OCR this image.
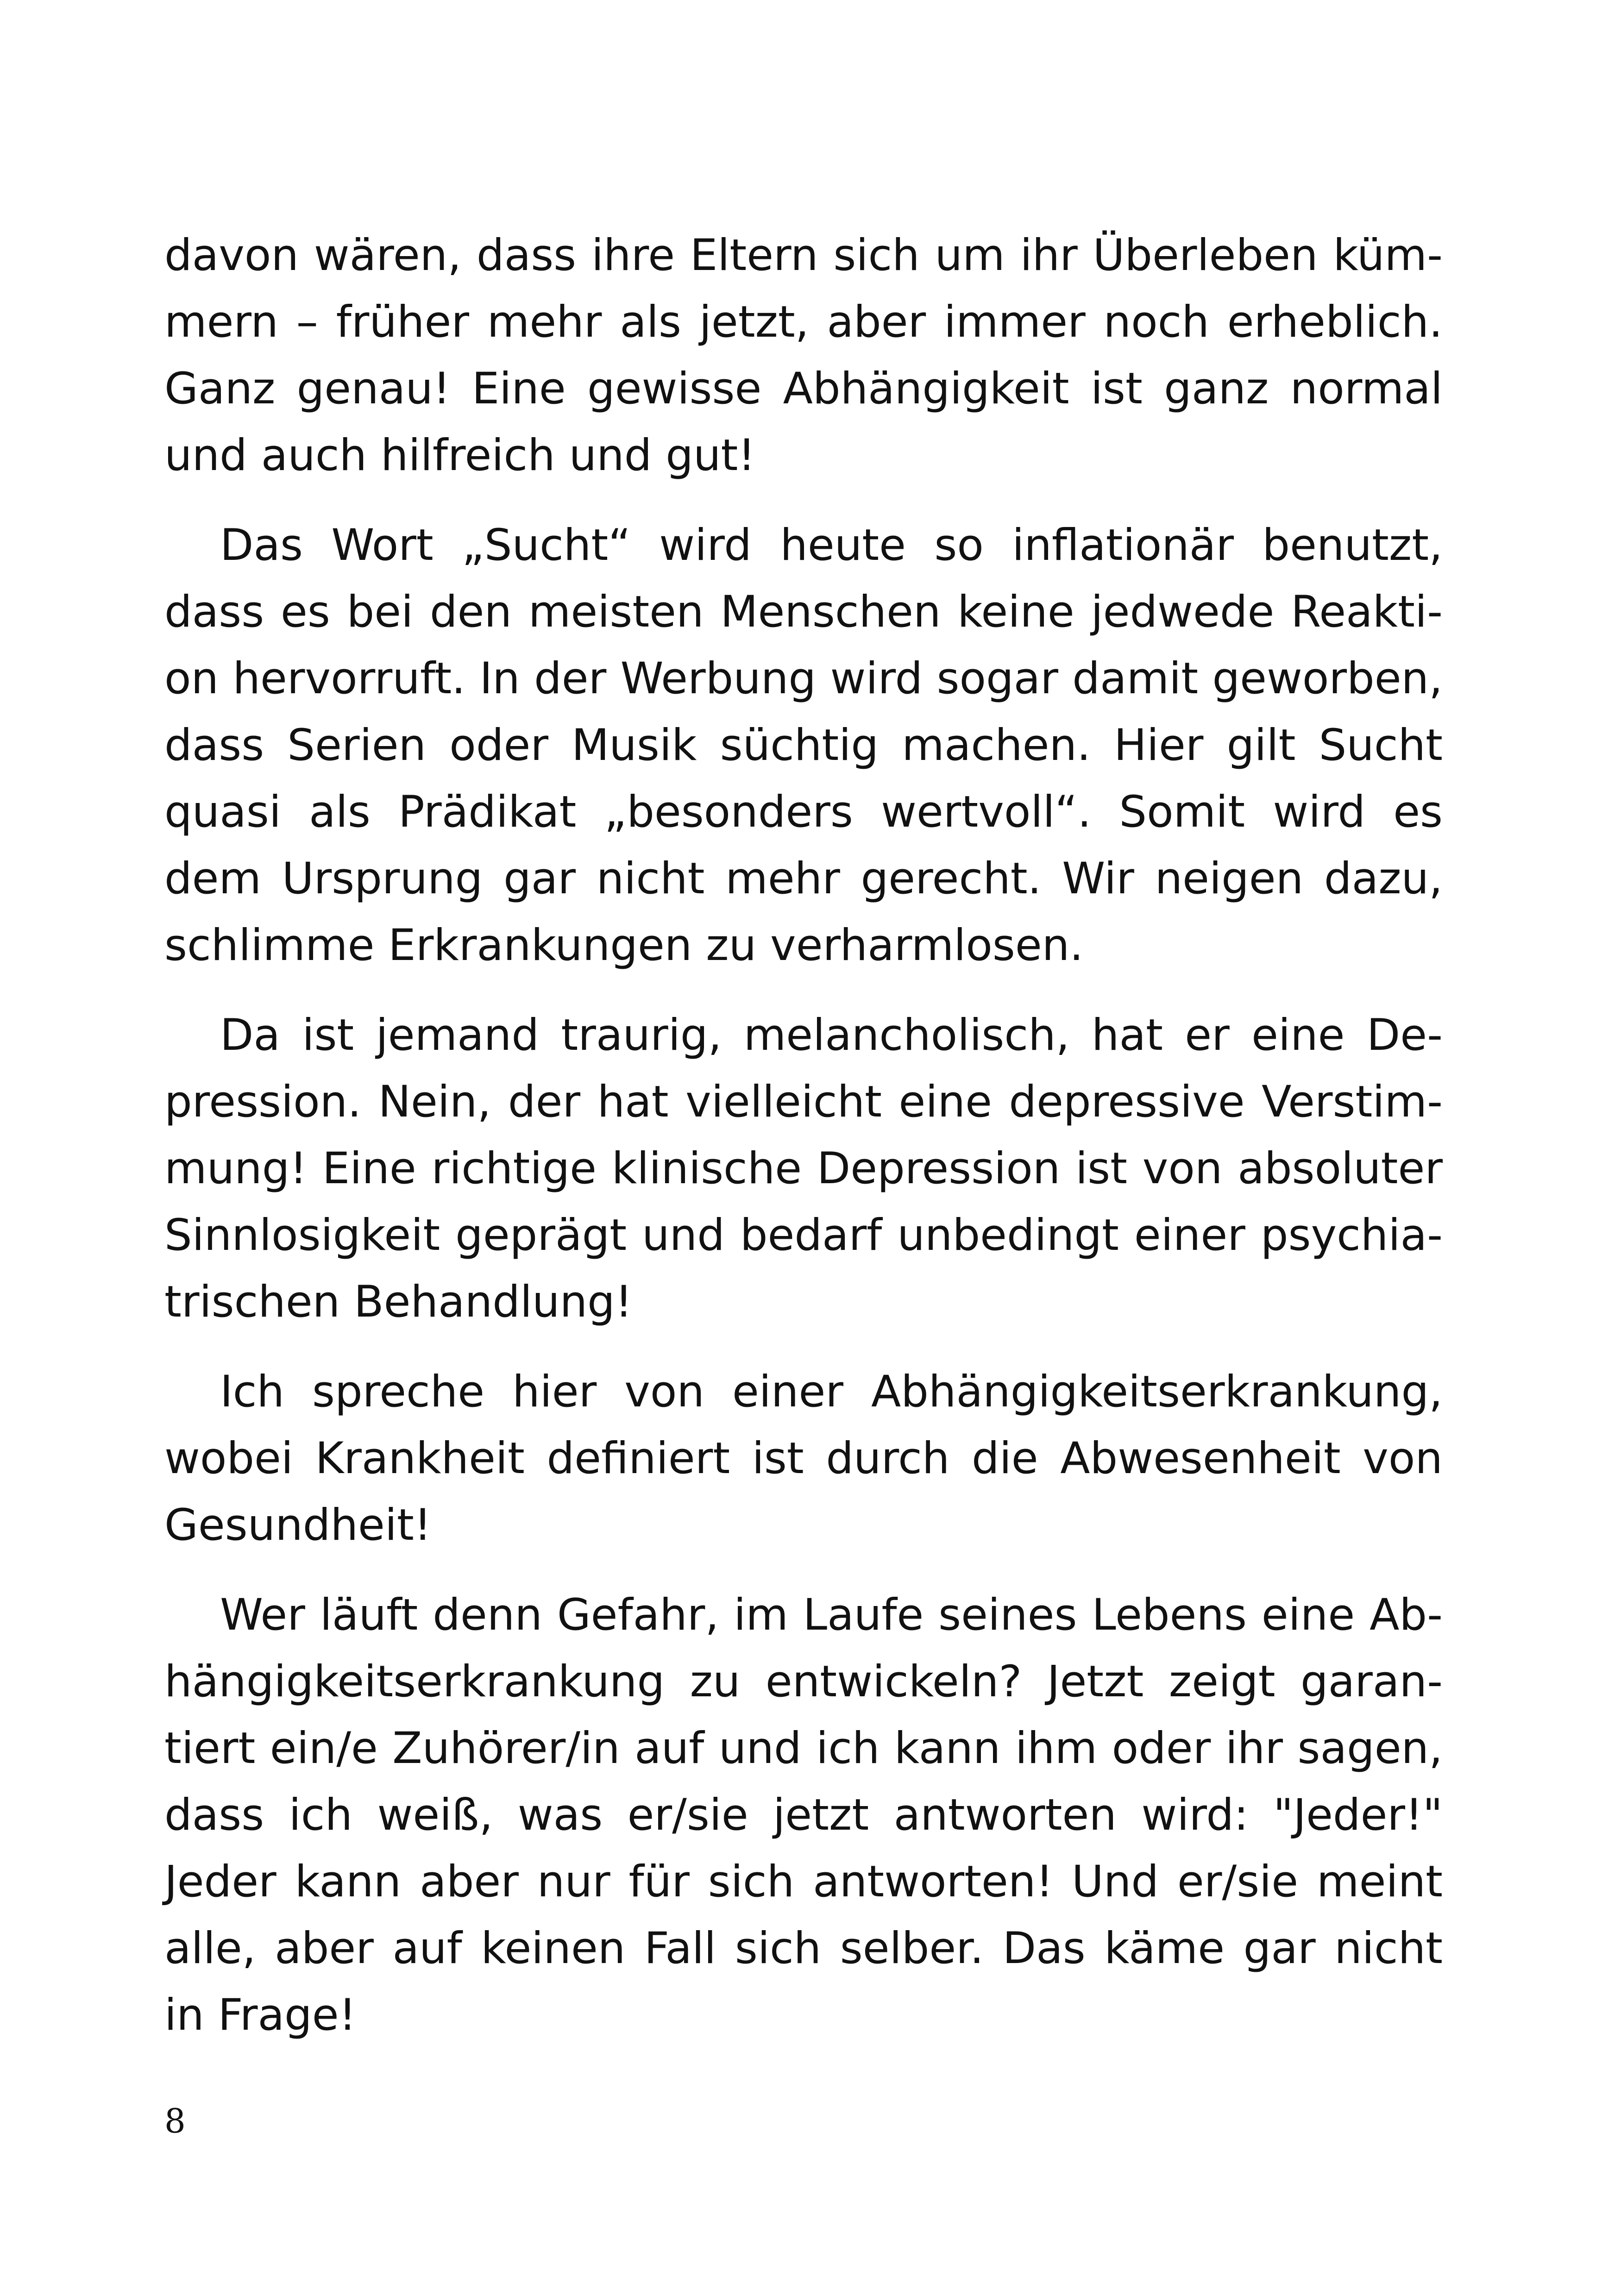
davon wären, dass ihre Eltern sich um ihr Überleben kümmern – früher mehr als jetzt, aber immer noch erheblich. Ganz genau! Eine gewisse Abhängigkeit ist ganz normal und auch hilfreich und gut!

Das Wort „Sucht“ wird heute so inflationär benutzt, dass es bei den meisten Menschen keine jedwede Reaktion hervorruft. In der Werbung wird sogar damit geworben, dass Serien oder Musik süchtig machen. Hier gilt Sucht quasi als Prädikat „besonders wertvoll“. Somit wird es dem Ursprung gar nicht mehr gerecht. Wir neigen dazu, schlimme Erkrankungen zu verharmlosen.

Da ist jemand traurig, melancholisch, hat er eine Depression. Nein, der hat vielleicht eine depressive Verstimmung! Eine richtige klinische Depression ist von absoluter Sinnlosigkeit geprägt und bedarf unbedingt einer psychiatrischen Behandlung!

Ich spreche hier von einer Abhängigkeitserkrankung, wobei Krankheit definiert ist durch die Abwesenheit von Gesundheit!

Wer läuft denn Gefahr, im Laufe seines Lebens eine Abhängigkeitserkrankung zu entwickeln? Jetzt zeigt garantiert ein/e Zuhörer/in auf und ich kann ihm oder ihr sagen, dass ich weiß, was er/sie jetzt antworten wird: "Jeder!" Jeder kann aber nur für sich antworten! Und er/sie meint alle, aber auf keinen Fall sich selber. Das käme gar nicht in Frage!

8
